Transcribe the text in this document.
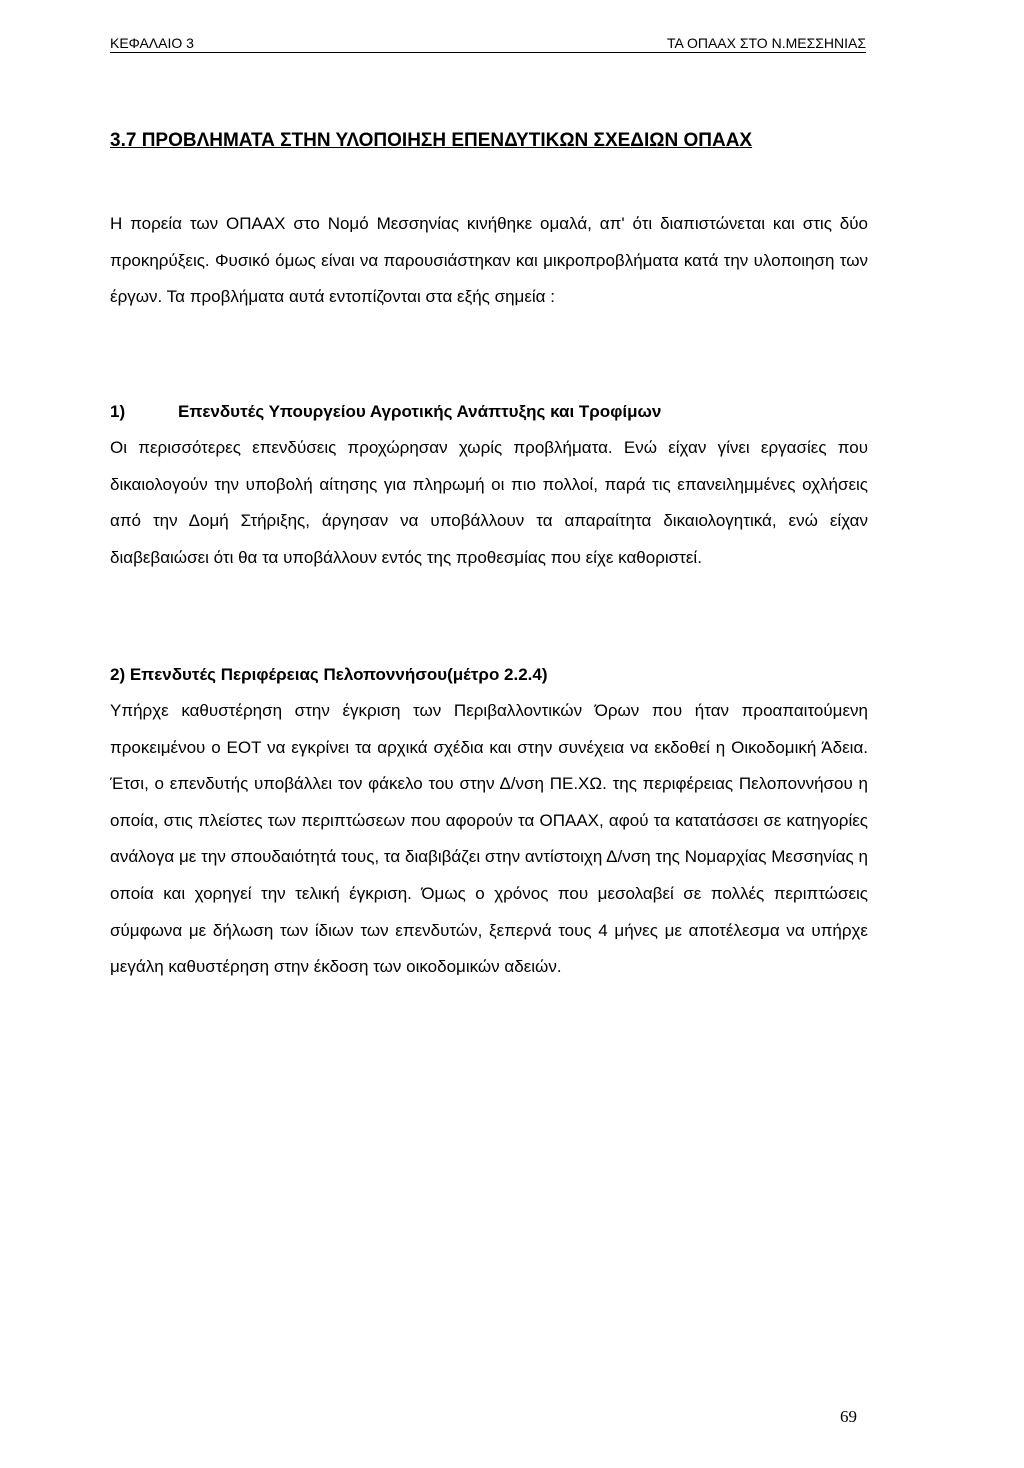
ΚΕΦΑΛΑΙΟ 3	ΤΑ ΟΠΑΑΧ ΣΤΟ Ν.ΜΕΣΣΗΝΙΑΣ
3.7 ΠΡΟΒΛΗΜΑΤΑ ΣΤΗΝ ΥΛΟΠΟΙΗΣΗ ΕΠΕΝΔΥΤΙΚΩΝ ΣΧΕΔΙΩΝ ΟΠΑΑΧ

Η πορεία των ΟΠΑΑΧ στο Νομό Μεσσηνίας κινήθηκε ομαλά, απ' ότι διαπιστώνεται και στις δύο προκηρύξεις. Φυσικό όμως είναι να παρουσιάστηκαν και μικροπροβλήματα κατά την υλοποιηση των έργων. Τα προβλήματα αυτά εντοπίζονται στα εξής σημεία :

1)	Επενδυτές Υπουργείου Αγροτικής Ανάπτυξης και Τροφίμων

Οι περισσότερες επενδύσεις προχώρησαν χωρίς προβλήματα. Ενώ είχαν γίνει εργασίες που δικαιολογούν την υποβολή αίτησης για πληρωμή οι πιο πολλοί, παρά τις επανειλημμένες οχλήσεις από την Δομή Στήριξης, άργησαν να υποβάλλουν τα απαραίτητα δικαιολογητικά, ενώ είχαν διαβεβαιώσει ότι θα τα υποβάλλουν εντός της προθεσμίας που είχε καθοριστεί.

2) Επενδυτές Περιφέρειας Πελοποννήσου(μέτρο 2.2.4)

Υπήρχε καθυστέρηση στην έγκριση των Περιβαλλοντικών Όρων που ήταν προαπαιτούμενη προκειμένου ο ΕΟΤ να εγκρίνει τα αρχικά σχέδια και στην συνέχεια να εκδοθεί η Οικοδομική Άδεια. Έτσι, ο επενδυτής υποβάλλει τον φάκελο του στην Δ/νση ΠΕ.ΧΩ. της περιφέρειας Πελοποννήσου η οποία, στις πλείστες των περιπτώσεων που αφορούν τα ΟΠΑΑΧ, αφού τα κατατάσσει σε κατηγορίες ανάλογα με την σπουδαιότητά τους, τα διαβιβάζει στην αντίστοιχη Δ/νση της Νομαρχίας Μεσσηνίας η οποία και χορηγεί την τελική έγκριση. Όμως ο χρόνος που μεσολαβεί σε πολλές περιπτώσεις σύμφωνα με δήλωση των ίδιων των επενδυτών, ξεπερνά τους 4 μήνες με αποτέλεσμα να υπήρχε μεγάλη καθυστέρηση στην έκδοση των οικοδομικών αδειών.

69
